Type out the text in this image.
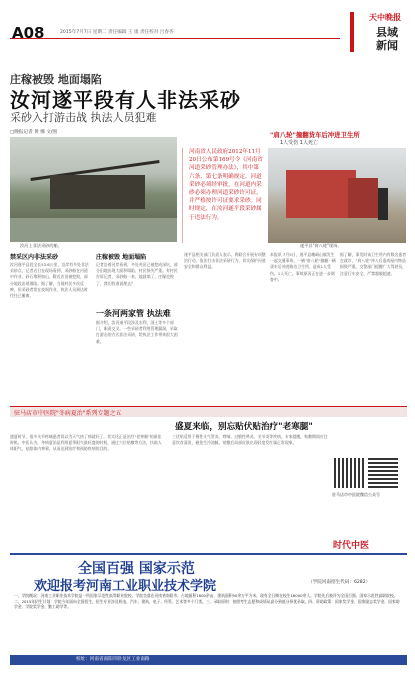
A08	2015年7月7日 星期二 责任编辑 王 康 责任校对 吕春杏
天中晚报
县域新闻
庄稼被毁 地面塌陷
汝河遂平段有人非法采砂
采砂入打游击战 执法人员犯难
□晚报记者 黄 娜 文/图
汝河上非法采砂的船。
河南省人民政府2012年11月20日公布第169号令《河南省河道采砂管理办法》，其中第六条、第七条明确规定，河道采砂必须经审批，在河道内采砂必须办理河道采砂许可证，并严格按许可证要求采砂。同时规定，在汝河遂平段采砂属于违法行为。
"肩八轮"撞翻货车后冲进卫生所
1人受伤 1人死亡
遂平县"肩八轮"现场。
禁采区内非法采砂
汝河遂平县段全长53.6公里，沿岸有多处非法采砂点。记者近日在现场看到，采砂船在河道中作业，砂石堆积如山，附近农田被挖毁，部分地段出现塌陷。据了解，当地村民多次反映，但采砂者常在夜间作业，执法人员到达时往往已撤离。
庄稼被毁 地面塌陷
记者沿着河岸看到，多处麦田已被挖成深坑，部分田地出现大面积塌陷，村民损失严重。有村民告诉记者，采砂船一来，地就塌了，庄稼也毁了，我们找谁说理去？
一条河两家管 执法难
据介绍，汝河遂平段涉及水利、国土等多个部门，职责交叉，一些采砂者利用管理漏洞，采取打游击的方式非法采砂，给执法工作带来很大困难。
遂平县相关部门负责人表示，将联合开展专项整治行动，依法打击非法采砂行为，切实保护河道安全和群众利益。
本报讯 7月5日，遂平县嵖岈山镇发生一起交通事故，一辆"肩八轮"撞翻一辆货车后冲进路边卫生所，造成1人受伤、1人死亡。事故原因正在进一步调查中。
据了解，事发时该卫生所内有数名患者在就诊，"肩八轮"冲入后造成屋内物品损毁严重。交警部门提醒广大驾驶员，注意行车安全，严禁超载超速。
驻马店市中医院"冬病夏治"系列专题之五
盛夏来临，别忘贴伏贴治疗"老寒腿"
盛夏时节，很多关节疼痛患者误以为天气热了病就好了，其实这正是治疗"老寒腿"的最佳时机。中医认为，冬病夏治是利用夏季阳气最旺盛的时机，通过穴位贴敷等方法，扶助人体阳气，祛除体内寒邪，从而达到治疗和预防疾病的目的。
三伏贴适用于慢性支气管炎、哮喘、过敏性鼻炎、关节炎等疾病。专家提醒，贴敷期间应注意饮食清淡，避免生冷油腻，贴敷后局部皮肤出现轻度发红属正常现象。
驻马店市中医院微信公众号
时代中医
全国百强 国家示范
欢迎报考河南工业职业技术学院	（学院河南招生代码：6282）
一、学院概况：河南工业职业技术学院是一所国家示范性高等职业院校，学院坐落在河南省南阳市，占地面积1600余亩，建筑面积50余万平方米，现有全日制在校生16000余人。学院先后被评为全国百强、国家示范性高职院校。二、2015年招生计划：学院今年面向全国招生，招生专业涉及机电、汽车、建筑、电子、经管、艺术等多个门类。三、录取原则：按照考生志愿和成绩从高分到低分择优录取。四、资助政策：国家奖学金、国家励志奖学金、国家助学金、学院奖学金、勤工助学等。
校址：河南省南阳市卧龙区工业南路
